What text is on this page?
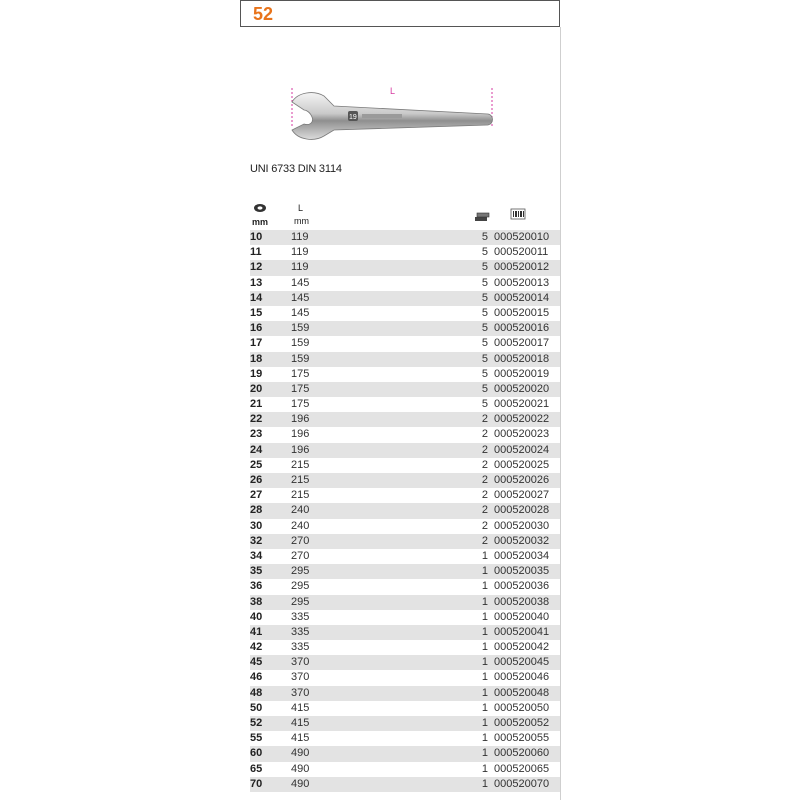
52
L
19
UNI 6733 DIN 3114
mm
L
mm
10	119	5 000520010
11	119	5 000520011
12	119	5 000520012
13	145	5 000520013
14	145	5 000520014
15	145	5 000520015
16	159	5 000520016
17	159	5 000520017
18	159	5 000520018
19	175	5 000520019
20	175	5 000520020
21	175	5 000520021
22	196	2 000520022
23	196	2 000520023
24	196	2 000520024
25	215	2 000520025
26	215	2 000520026
27	215	2 000520027
28	240	2 000520028
30	240	2 000520030
32	270	2 000520032
34	270	1 000520034
35	295	1 000520035
36	295	1 000520036
38	295	1 000520038
40	335	1 000520040
41	335	1 000520041
42	335	1 000520042
45	370	1 000520045
46	370	1 000520046
48	370	1 000520048
50	415	1 000520050
52	415	1 000520052
55	415	1 000520055
60	490	1 000520060
65	490	1 000520065
70	490	1 000520070
